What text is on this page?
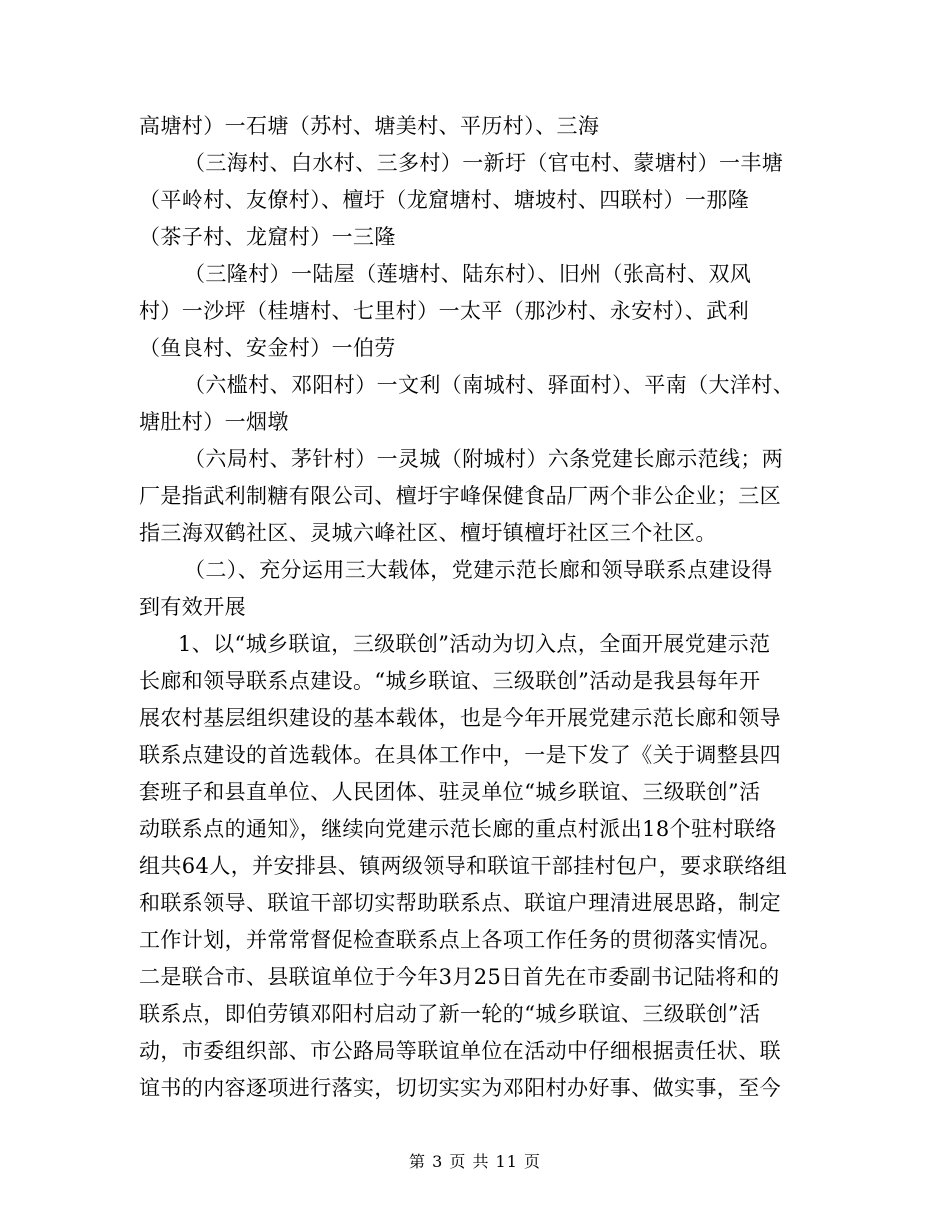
高塘村）一石塘（苏村、塘美村、平历村）、三海
（三海村、白水村、三多村）一新圩（官屯村、蒙塘村）一丰塘
（平岭村、友僚村）、檀圩（龙窟塘村、塘坡村、四联村）一那隆
（茶子村、龙窟村）一三隆
（三隆村）一陆屋（莲塘村、陆东村）、旧州（张高村、双风
村）一沙坪（桂塘村、七里村）一太平（那沙村、永安村）、武利
（鱼良村、安金村）一伯劳
（六槛村、邓阳村）一文利（南城村、驿面村）、平南（大洋村、
塘肚村）一烟墩
（六局村、茅针村）一灵城（附城村）六条党建长廊示范线；两
厂是指武利制糖有限公司、檀圩宇峰保健食品厂两个非公企业；三区
指三海双鹤社区、灵城六峰社区、檀圩镇檀圩社区三个社区。
（二）、充分运用三大载体，党建示范长廊和领导联系点建设得
到有效开展
1、以“城乡联谊，三级联创”活动为切入点，全面开展党建示范
长廊和领导联系点建设。“城乡联谊、三级联创”活动是我县每年开
展农村基层组织建设的基本载体，也是今年开展党建示范长廊和领导
联系点建设的首选载体。在具体工作中，一是下发了《关于调整县四
套班子和县直单位、人民团体、驻灵单位“城乡联谊、三级联创”活
动联系点的通知》，继续向党建示范长廊的重点村派出18个驻村联络
组共64人，并安排县、镇两级领导和联谊干部挂村包户，要求联络组
和联系领导、联谊干部切实帮助联系点、联谊户理清进展思路，制定
工作计划，并常常督促检查联系点上各项工作任务的贯彻落实情况。
二是联合市、县联谊单位于今年3月25日首先在市委副书记陆将和的
联系点，即伯劳镇邓阳村启动了新一轮的“城乡联谊、三级联创”活
动，市委组织部、市公路局等联谊单位在活动中仔细根据责任状、联
谊书的内容逐项进行落实，切切实实为邓阳村办好事、做实事，至今
第 3 页 共 11 页
